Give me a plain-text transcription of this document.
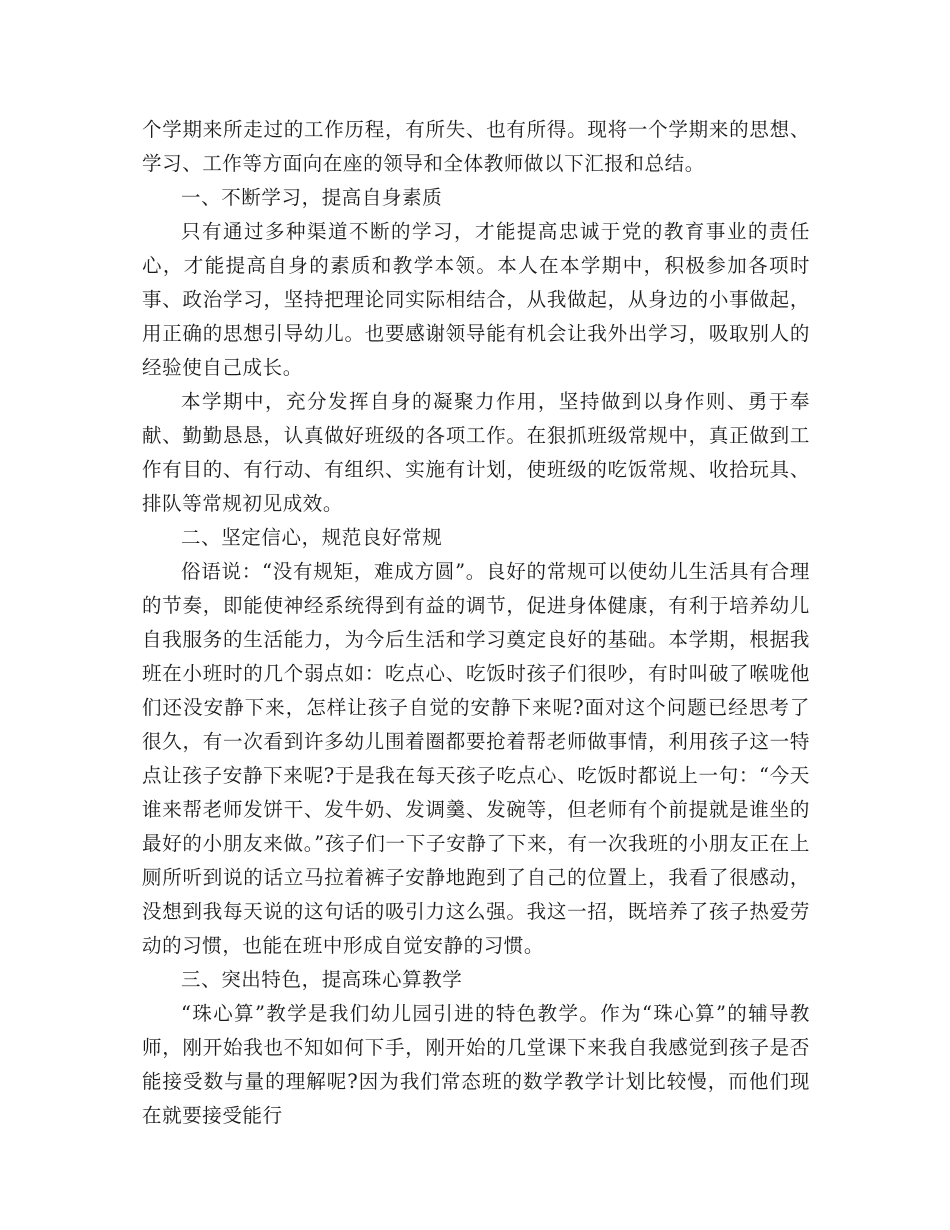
个学期来所走过的工作历程，有所失、也有所得。现将一个学期来的思想、学习、工作等方面向在座的领导和全体教师做以下汇报和总结。

一、不断学习，提高自身素质

只有通过多种渠道不断的学习，才能提高忠诚于党的教育事业的责任心，才能提高自身的素质和教学本领。本人在本学期中，积极参加各项时事、政治学习，坚持把理论同实际相结合，从我做起，从身边的小事做起，用正确的思想引导幼儿。也要感谢领导能有机会让我外出学习，吸取别人的经验使自己成长。

本学期中，充分发挥自身的凝聚力作用，坚持做到以身作则、勇于奉献、勤勤恳恳，认真做好班级的各项工作。在狠抓班级常规中，真正做到工作有目的、有行动、有组织、实施有计划，使班级的吃饭常规、收拾玩具、排队等常规初见成效。

二、坚定信心，规范良好常规

俗语说：“没有规矩，难成方圆”。良好的常规可以使幼儿生活具有合理的节奏，即能使神经系统得到有益的调节，促进身体健康，有利于培养幼儿自我服务的生活能力，为今后生活和学习奠定良好的基础。本学期，根据我班在小班时的几个弱点如：吃点心、吃饭时孩子们很吵，有时叫破了喉咙他们还没安静下来，怎样让孩子自觉的安静下来呢?面对这个问题已经思考了很久，有一次看到许多幼儿围着圈都要抢着帮老师做事情，利用孩子这一特点让孩子安静下来呢?于是我在每天孩子吃点心、吃饭时都说上一句：“今天谁来帮老师发饼干、发牛奶、发调羹、发碗等，但老师有个前提就是谁坐的最好的小朋友来做。”孩子们一下子安静了下来，有一次我班的小朋友正在上厕所听到说的话立马拉着裤子安静地跑到了自己的位置上，我看了很感动，没想到我每天说的这句话的吸引力这么强。我这一招，既培养了孩子热爱劳动的习惯，也能在班中形成自觉安静的习惯。

三、突出特色，提高珠心算教学

“珠心算”教学是我们幼儿园引进的特色教学。作为“珠心算”的辅导教师，刚开始我也不知如何下手，刚开始的几堂课下来我自我感觉到孩子是否能接受数与量的理解呢?因为我们常态班的数学教学计划比较慢，而他们现在就要接受能行
